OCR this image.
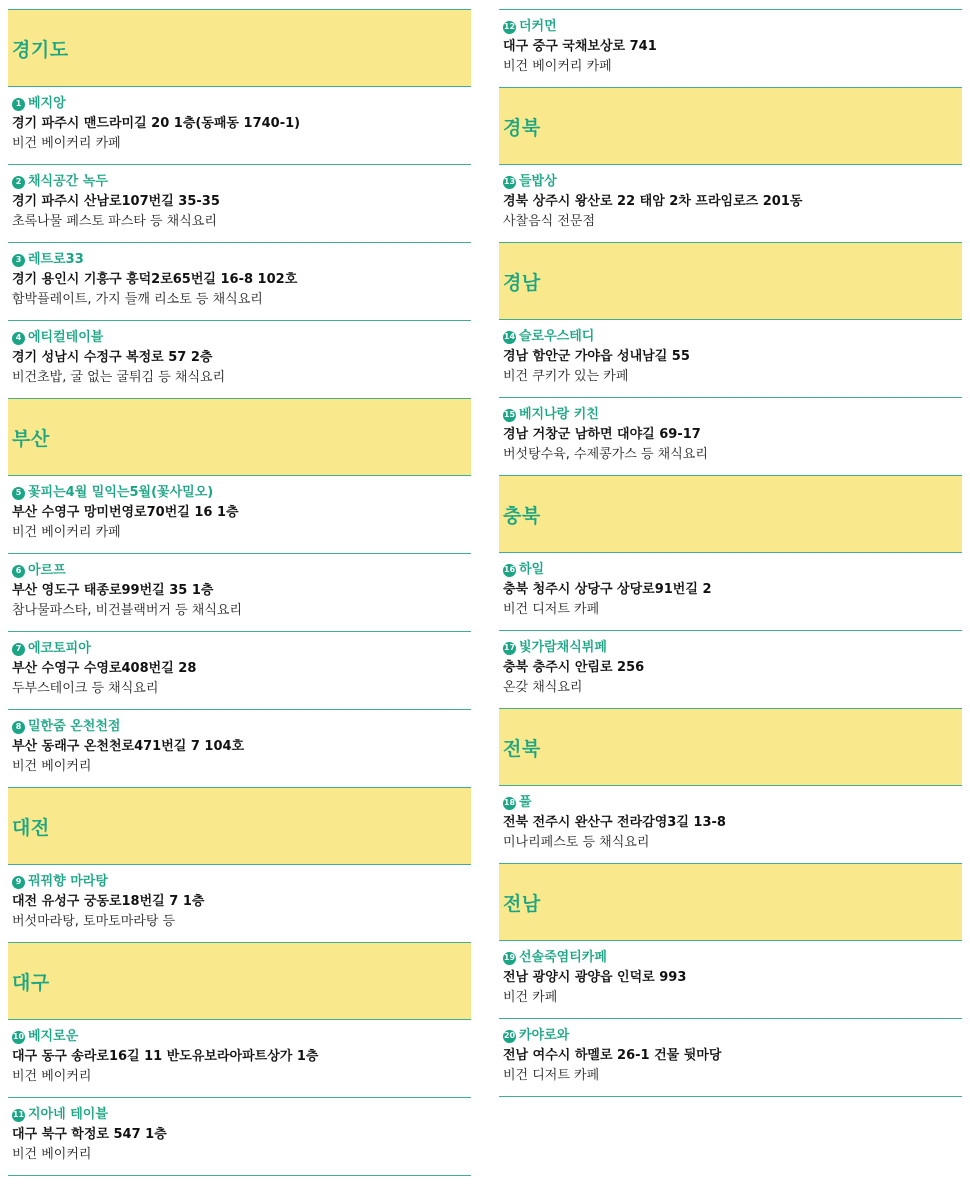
경기도
1 베지앙
경기 파주시 맨드라미길 20 1층(동패동 1740-1)
비건 베이커리 카페
2 채식공간 녹두
경기 파주시 산남로107번길 35-35
초록나물 페스토 파스타 등 채식요리
3 레트로33
경기 용인시 기흥구 흥덕2로65번길 16-8 102호
함박플레이트, 가지 들깨 리소토 등 채식요리
4 에티컬테이블
경기 성남시 수정구 복정로 57 2층
비건초밥, 굴 없는 굴튀김 등 채식요리
부산
5 꽃피는4월 밀익는5월(꽃사밀오)
부산 수영구 망미번영로70번길 16 1층
비건 베이커리 카페
6 아르프
부산 영도구 태종로99번길 35 1층
참나물파스타, 비건블랙버거 등 채식요리
7 에코토피아
부산 수영구 수영로408번길 28
두부스테이크 등 채식요리
8 밀한줌 온천천점
부산 동래구 온천천로471번길 7 104호
비건 베이커리
대전
9 꿔꿔향 마라탕
대전 유성구 궁동로18번길 7 1층
버섯마라탕, 토마토마라탕 등
대구
10 베지로운
대구 동구 송라로16길 11 반도유보라아파트상가 1층
비건 베이커리
11 지아네 테이블
대구 북구 학정로 547 1층
비건 베이커리
12 더커먼
대구 중구 국채보상로 741
비건 베이커리 카페
경북
13 들밥상
경북 상주시 왕산로 22 태암 2차 프라임로즈 201동
사찰음식 전문점
경남
14 슬로우스테디
경남 함안군 가야읍 성내남길 55
비건 쿠키가 있는 카페
15 베지나랑 키친
경남 거창군 남하면 대야길 69-17
버섯탕수육, 수제콩가스 등 채식요리
충북
16 하일
충북 청주시 상당구 상당로91번길 2
비건 디저트 카페
17 빛가람채식뷔페
충북 충주시 안림로 256
온갖 채식요리
전북
18 풀
전북 전주시 완산구 전라감영3길 13-8
미나리페스토 등 채식요리
전남
19 선솔죽염티카페
전남 광양시 광양읍 인덕로 993
비건 카페
20 카야로와
전남 여수시 하멜로 26-1 건물 뒷마당
비건 디저트 카페
